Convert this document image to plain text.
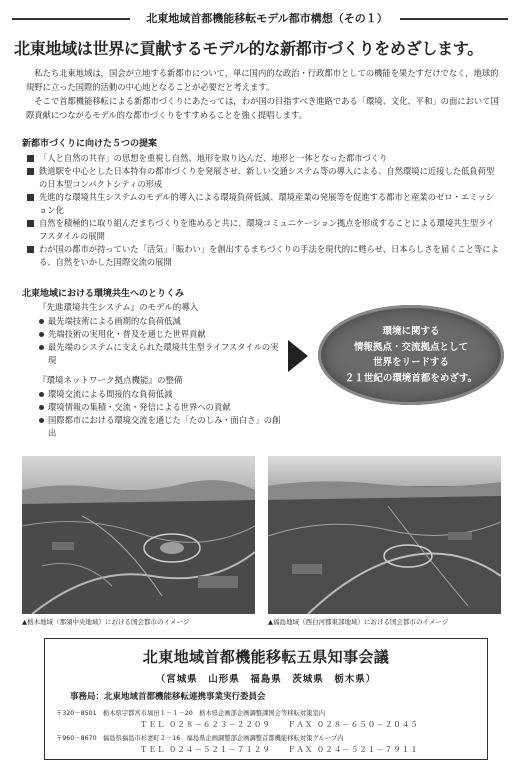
北東地域首都機能移転モデル都市構想（その１）
北東地域は世界に貢献するモデル的な新都市づくりをめざします。

私たち北東地域は，国会が立地する新都市について，単に国内的な政治・行政都市としての機能を果たすだけでなく，地球的規野に立った国際的活動の中心地となることが必要だと考えます。

そこで首都機能移転による新都市づくりにあたっては，わが国の目指すべき進路である「環境、文化、平和」の面において国際貢献につながるモデル的な都市づくりをすすめることを強く提唱します。

新都市づくりに向けた５つの提案
「人と自然の共存」の思想を重視し自然、地形を取り込んだ、地形と一体となった都市づくり
鉄道駅を中心とした日本特有の都市づくりを発展させ、新しい交通システム等の導入による、自然環境に近接した低負荷型の日本型コンパクトシティの形成
先進的な環境共生システムのモデル的導入による環境負荷低減、環境産業の発展等を促進する都市と産業のゼロ・エミッション化
自然を積極的に取り組んだまちづくりを進めると共に、環境コミュニケーション拠点を形成することによる環境共生型ライフスタイルの展開
わが国の都市が持っていた「活気」「賑わい」を創出するまちづくりの手法を現代的に甦らせ、日本らしさを届くこと等による、自然をいかした国際交流の展開
北東地域における環境共生へのとりくみ
『先進環境共生システム』のモデル的導入
最先端技術による画期的な負荷低減
先端技術の実用化・普及を通じた世界貢献
最先端のシステムに支えられた環境共生型ライフスタイルの実現
『環境ネットワーク拠点機能』の整備
環境交流による間接的な負荷低減
環境情報の集積・交流・発信による世界への貢献
国際都市における環境交流を通じた「たのしみ・面白さ」の創出
環境に関する
情報拠点・交流拠点として
世界をリードする
２１世紀の環境首都をめざす。
▲栃木地域（那須中央地域）における国会都市のイメージ	▲福島地域（西白河郡東部地域）における国会都市のイメージ
北東地域首都機能移転五県知事会議
（宮城県　山形県　福島県　茨城県　栃木県）
事務局：北東地域首都機能移転連携事業実行委員会
〒320－8501　栃木県宇都宮市塙田１－１－20　栃木県企画部企画調整課国会等移転対策室内
ＴＥＬ ０２８－６２３－２２０９　　ＦＡＸ ０２８－６５０－２０４５
〒960－8670　福島県福島市杉妻町２－16　福島県企画調整部企画調整首都機能移転対策グループ内
ＴＥＬ ０２４－５２１－７１２９　　ＦＡＸ ０２４－５２１－７９１１
